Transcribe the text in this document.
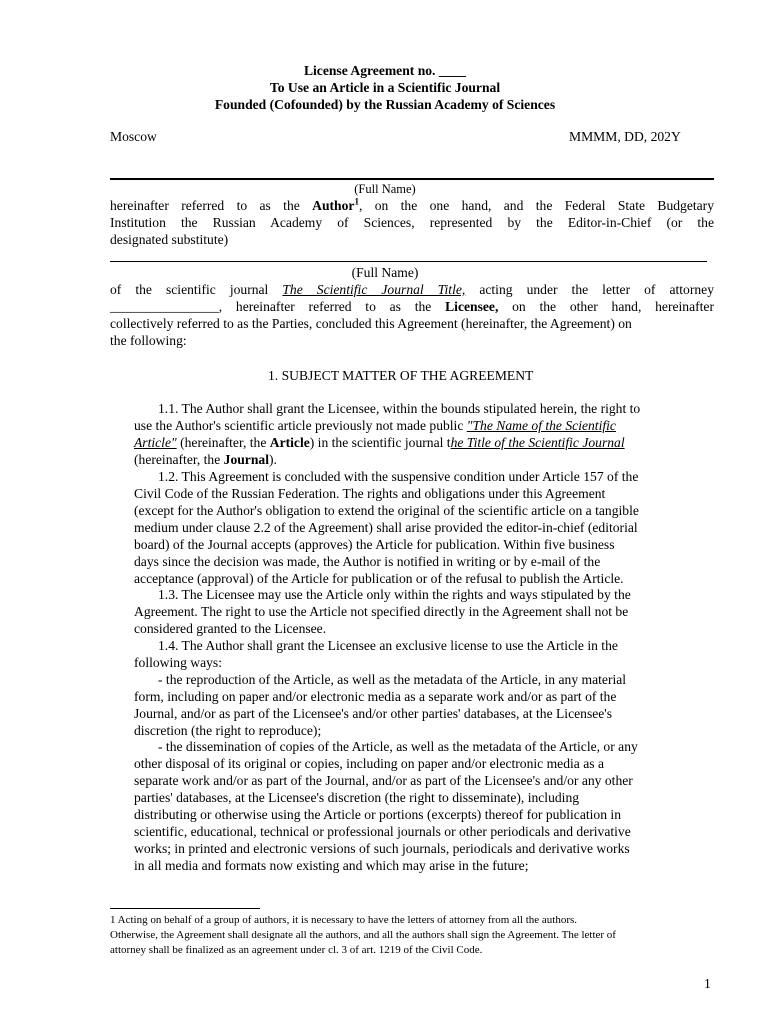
License Agreement no. ____
To Use an Article in a Scientific Journal
Founded (Cofounded) by the Russian Academy of Sciences
Moscow	MMMM, DD, 202Y
(Full Name)
hereinafter referred to as the Author$^1$, on the one hand, and the Federal State Budgetary
Institution the Russian Academy of Sciences, represented by the Editor-in-Chief (or the
designated substitute)
(Full Name)
of the scientific journal The Scientific Journal Title, acting under the letter of attorney
________________, hereinafter referred to as the Licensee, on the other hand, hereinafter
collectively referred to as the Parties, concluded this Agreement (hereinafter, the Agreement) on
the following:
1. SUBJECT MATTER OF THE AGREEMENT
1.1. The Author shall grant the Licensee, within the bounds stipulated herein, the right to
use the Author's scientific article previously not made public "The Name of the Scientific
Article" (hereinafter, the Article) in the scientific journal the Title of the Scientific Journal
(hereinafter, the Journal).
1.2. This Agreement is concluded with the suspensive condition under Article 157 of the
Civil Code of the Russian Federation. The rights and obligations under this Agreement
(except for the Author's obligation to extend the original of the scientific article on a tangible
medium under clause 2.2 of the Agreement) shall arise provided the editor-in-chief (editorial
board) of the Journal accepts (approves) the Article for publication. Within five business
days since the decision was made, the Author is notified in writing or by e-mail of the
acceptance (approval) of the Article for publication or of the refusal to publish the Article.
1.3. The Licensee may use the Article only within the rights and ways stipulated by the
Agreement. The right to use the Article not specified directly in the Agreement shall not be
considered granted to the Licensee.
1.4. The Author shall grant the Licensee an exclusive license to use the Article in the
following ways:
- the reproduction of the Article, as well as the metadata of the Article, in any material
form, including on paper and/or electronic media as a separate work and/or as part of the
Journal, and/or as part of the Licensee's and/or other parties' databases, at the Licensee's
discretion (the right to reproduce);
- the dissemination of copies of the Article, as well as the metadata of the Article, or any
other disposal of its original or copies, including on paper and/or electronic media as a
separate work and/or as part of the Journal, and/or as part of the Licensee's and/or any other
parties' databases, at the Licensee's discretion (the right to disseminate), including
distributing or otherwise using the Article or portions (excerpts) thereof for publication in
scientific, educational, technical or professional journals or other periodicals and derivative
works; in printed and electronic versions of such journals, periodicals and derivative works
in all media and formats now existing and which may arise in the future;
1 Acting on behalf of a group of authors, it is necessary to have the letters of attorney from all the authors.
Otherwise, the Agreement shall designate all the authors, and all the authors shall sign the Agreement. The letter of
attorney shall be finalized as an agreement under cl. 3 of art. 1219 of the Civil Code.
1
